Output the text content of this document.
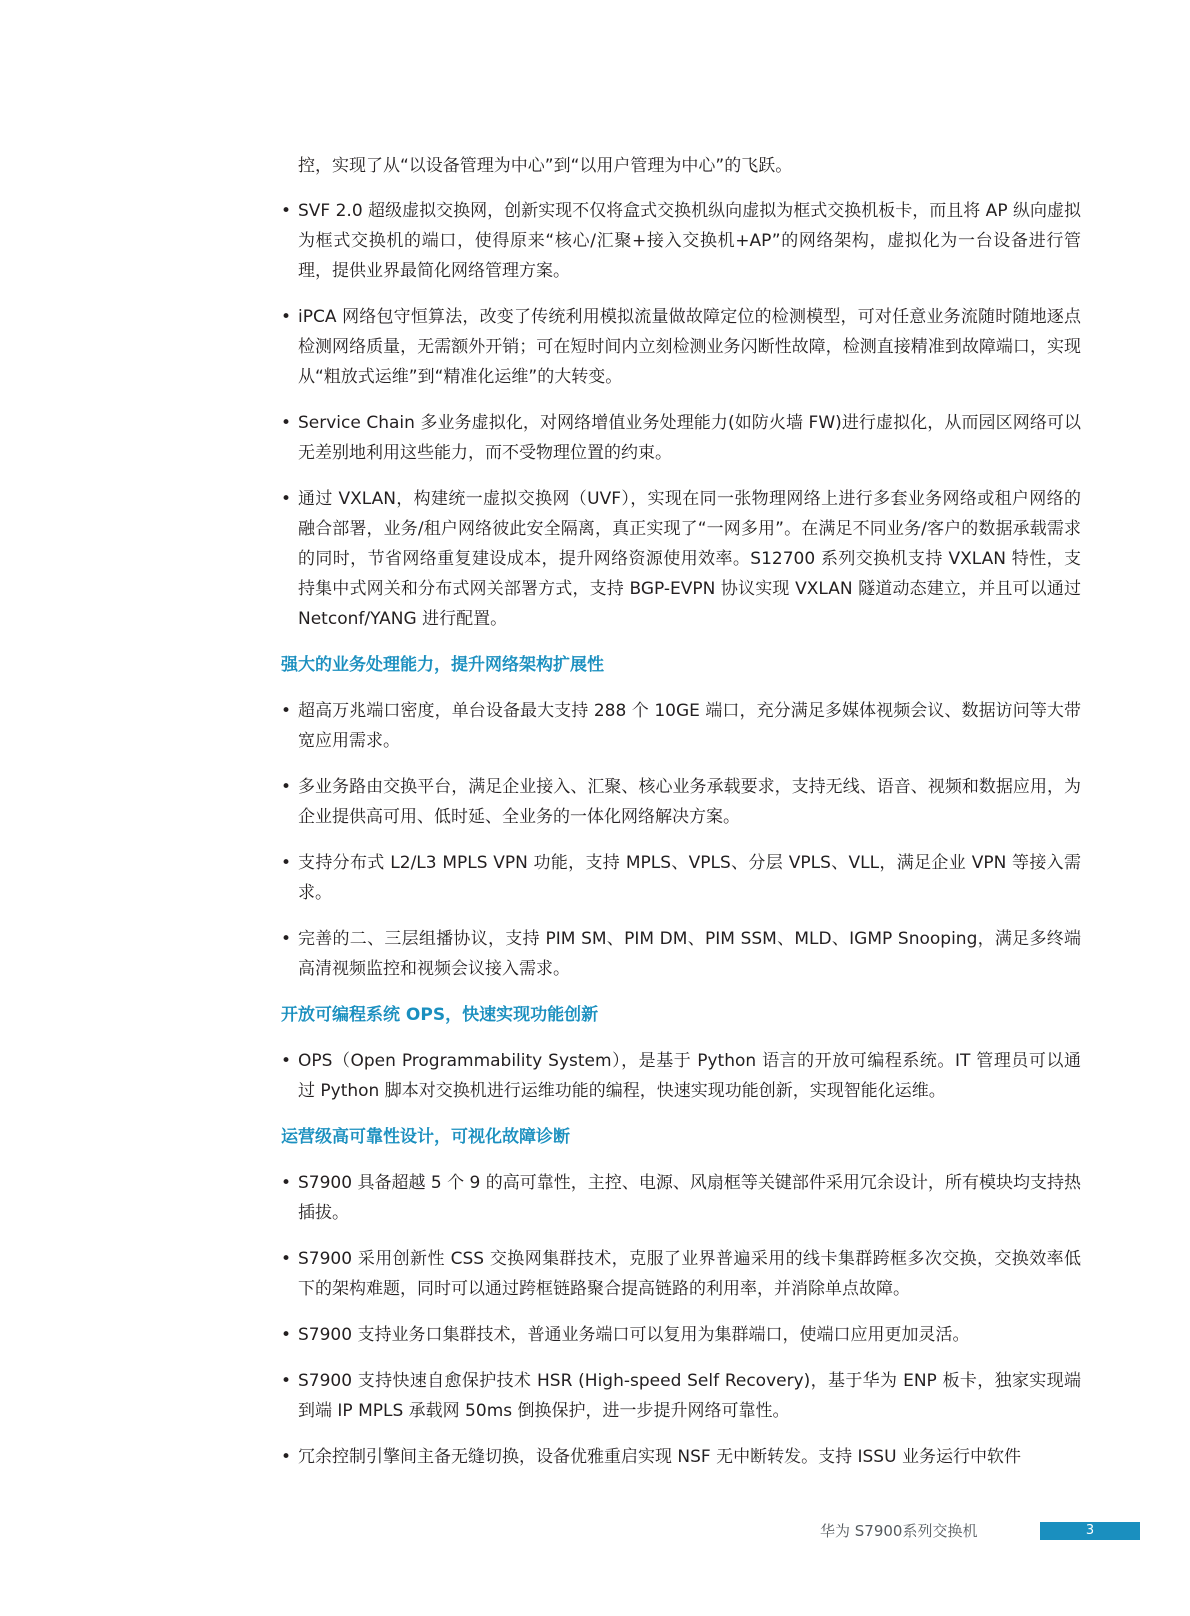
控，实现了从“以设备管理为中心”到“以用户管理为中心”的飞跃。

• SVF 2.0 超级虚拟交换网，创新实现不仅将盒式交换机纵向虚拟为框式交换机板卡，而且将 AP 纵向虚拟为框式交换机的端口，使得原来“核心/汇聚+接入交换机+AP”的网络架构，虚拟化为一台设备进行管理，提供业界最简化网络管理方案。

• iPCA 网络包守恒算法，改变了传统利用模拟流量做故障定位的检测模型，可对任意业务流随时随地逐点检测网络质量，无需额外开销；可在短时间内立刻检测业务闪断性故障，检测直接精准到故障端口，实现从“粗放式运维”到“精准化运维”的大转变。

• Service Chain 多业务虚拟化，对网络增值业务处理能力(如防火墙 FW)进行虚拟化，从而园区网络可以无差别地利用这些能力，而不受物理位置的约束。

• 通过 VXLAN，构建统一虚拟交换网（UVF），实现在同一张物理网络上进行多套业务网络或租户网络的融合部署，业务/租户网络彼此安全隔离，真正实现了“一网多用”。在满足不同业务/客户的数据承载需求的同时，节省网络重复建设成本，提升网络资源使用效率。S12700 系列交换机支持 VXLAN 特性，支持集中式网关和分布式网关部署方式，支持 BGP-EVPN 协议实现 VXLAN 隧道动态建立，并且可以通过 Netconf/YANG 进行配置。

强大的业务处理能力，提升网络架构扩展性

• 超高万兆端口密度，单台设备最大支持 288 个 10GE 端口，充分满足多媒体视频会议、数据访问等大带宽应用需求。

• 多业务路由交换平台，满足企业接入、汇聚、核心业务承载要求，支持无线、语音、视频和数据应用，为企业提供高可用、低时延、全业务的一体化网络解决方案。

• 支持分布式 L2/L3 MPLS VPN 功能，支持 MPLS、VPLS、分层 VPLS、VLL，满足企业 VPN 等接入需求。

• 完善的二、三层组播协议，支持 PIM SM、PIM DM、PIM SSM、MLD、IGMP Snooping，满足多终端高清视频监控和视频会议接入需求。

开放可编程系统 OPS，快速实现功能创新

• OPS（Open Programmability System），是基于 Python 语言的开放可编程系统。IT 管理员可以通过 Python 脚本对交换机进行运维功能的编程，快速实现功能创新，实现智能化运维。

运营级高可靠性设计，可视化故障诊断

• S7900 具备超越 5 个 9 的高可靠性，主控、电源、风扇框等关键部件采用冗余设计，所有模块均支持热插拔。

• S7900 采用创新性 CSS 交换网集群技术，克服了业界普遍采用的线卡集群跨框多次交换，交换效率低下的架构难题，同时可以通过跨框链路聚合提高链路的利用率，并消除单点故障。

• S7900 支持业务口集群技术，普通业务端口可以复用为集群端口，使端口应用更加灵活。

• S7900 支持快速自愈保护技术 HSR (High-speed Self Recovery)，基于华为 ENP 板卡，独家实现端到端 IP MPLS 承载网 50ms 倒换保护，进一步提升网络可靠性。

• 冗余控制引擎间主备无缝切换，设备优雅重启实现 NSF 无中断转发。支持 ISSU 业务运行中软件

华为 S7900系列交换机	3
